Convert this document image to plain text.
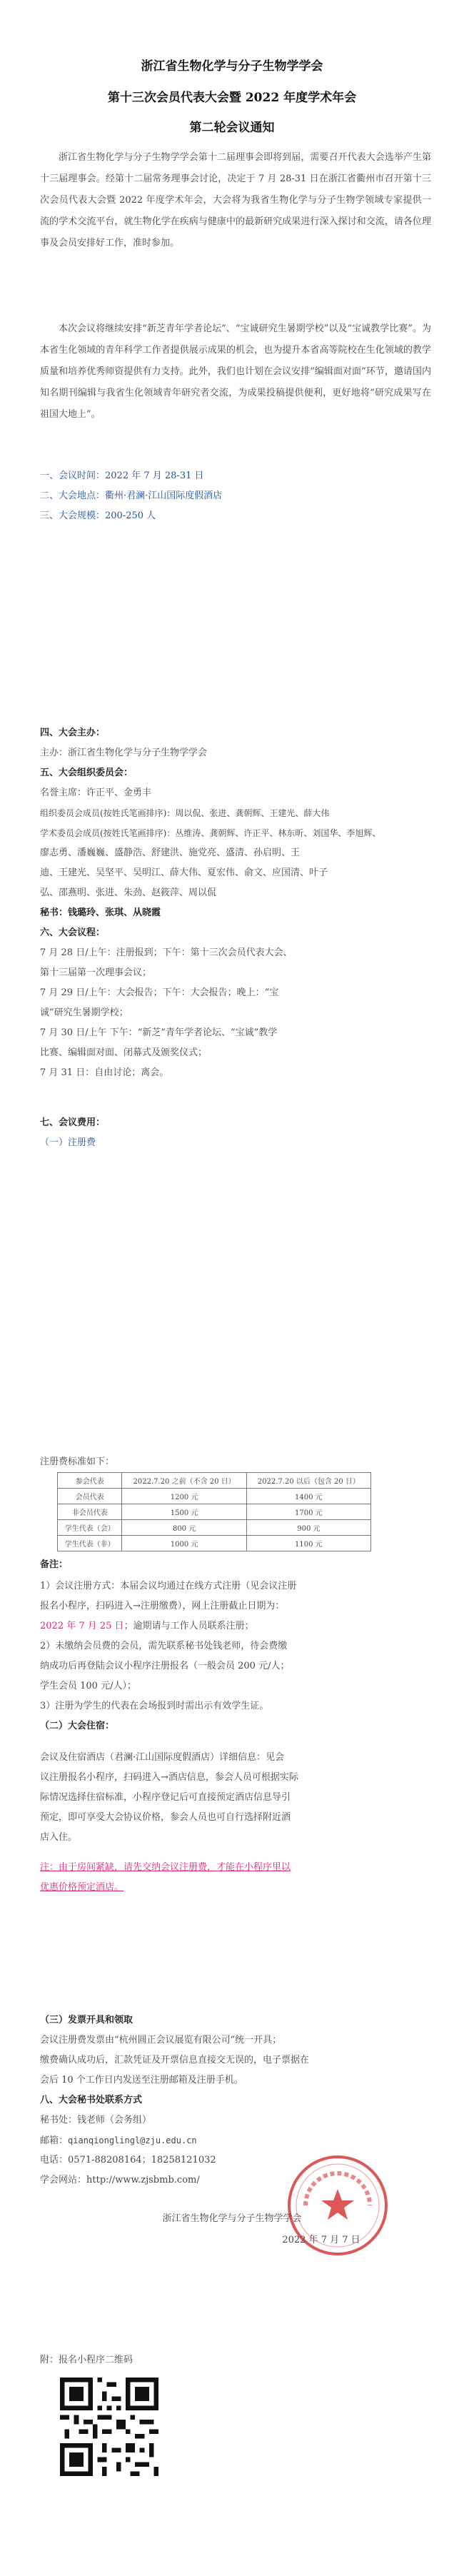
浙江省生物化学与分子生物学学会
第十三次会员代表大会暨 2022 年度学术年会
第二轮会议通知
浙江省生物化学与分子生物学学会第十二届理事会即将到届，需要召开代表大会选举产生第十三届理事会。经第十二届常务理事会讨论，决定于 7 月 28-31 日在浙江省衢州市召开第十三次会员代表大会暨 2022 年度学术年会，大会将为我省生物化学与分子生物学领域专家提供一流的学术交流平台，就生物化学在疾病与健康中的最新研究成果进行深入探讨和交流，请各位理事及会员安排好工作，准时参加。
本次会议将继续安排“新芝青年学者论坛”、“宝诚研究生暑期学校”以及“宝诚教学比赛”。为本省生化领域的青年科学工作者提供展示成果的机会，也为提升本省高等院校在生化领域的教学质量和培养优秀师资提供有力支持。此外，我们也计划在会议安排“编辑面对面”环节，邀请国内知名期刊编辑与我省生化领域青年研究者交流，为成果投稿提供便利，更好地将“研究成果写在祖国大地上”。
一、会议时间：2022 年 7 月 28-31 日
二、大会地点：衢州·君澜·江山国际度假酒店
三、大会规模：200-250 人
四、大会主办：
主办：浙江省生物化学与分子生物学学会
五、大会组织委员会：
名誉主席：许正平、金勇丰
组织委员会成员(按姓氏笔画排序)：周以侃、张进、龚朝辉、王建光、薛大伟
学术委员会成员(按姓氏笔画排序)：丛维涛、龚朝辉、许正平、林东昕、刘国华、李旭辉、
廖志勇、潘巍巍、盛静浩、舒建洪、施党亮、盛清、孙启明、王
迪、王建光、吴坚平、吴明江、薛大伟、夏宏伟、俞文、应国清、叶子
弘、邵燕明、张进、朱劲、赵筱萍、周以侃
秘书：钱璐玲、张琪、从晓霞
六、大会议程：
7 月 28 日/上午：注册报到；下午：第十三次会员代表大会、
第十三届第一次理事会议；
7 月 29 日/上午：大会报告；下午：大会报告；晚上：“宝
诚”研究生暑期学校；
7 月 30 日/上午 下午：“新芝”青年学者论坛、“宝诚”教学
比赛、编辑面对面、闭幕式及颁奖仪式；
7 月 31 日：自由讨论；离会。
七、会议费用：
（一）注册费
注册费标准如下：
参会代表	2022.7.20 之前（不含 20 日）	2022.7.20 以后（包含 20 日）
会员代表	1200 元	1400 元
非会员代表	1500 元	1700 元
学生代表（会）	800 元	900 元
学生代表（非）	1000 元	1100 元
备注：
1）会议注册方式：本届会议均通过在线方式注册（见会议注册
报名小程序，扫码进入→注册缴费），网上注册截止日期为：
2022 年 7 月 25 日；逾期请与工作人员联系注册；
2）未缴纳会员费的会员，需先联系秘书处钱老师，待会费缴
纳成功后再登陆会议小程序注册报名（一般会员 200 元/人；
学生会员 100 元/人）；
3）注册为学生的代表在会场报到时需出示有效学生证。
（二）大会住宿：
会议及住宿酒店（君澜·江山国际度假酒店）详细信息：见会
议注册报名小程序，扫码进入→酒店信息，参会人员可根据实际
际情况选择住宿标准，小程序登记后可直接预定酒店信息导引
预定，即可享受大会协议价格，参会人员也可自行选择附近酒
店入住。
注：由于房间紧缺，请先交纳会议注册费，才能在小程序里以
优惠价格预定酒店。
（三）发票开具和领取
会议注册费发票由“杭州圆正会议展览有限公司”统一开具；
缴费确认成功后，汇款凭证及开票信息直接交无误的，电子票据在
会后 10 个工作日内发送至注册邮箱及注册手机。
八、大会秘书处联系方式
秘书处：钱老师（会务组）
邮箱：qianqionglingl@zju.edu.cn
电话：0571-88208164；18258121032
学会网站：http://www.zjsbmb.com/
浙江省生物化学与分子生物学学会
2022 年 7 月 7 日
附：报名小程序二维码
